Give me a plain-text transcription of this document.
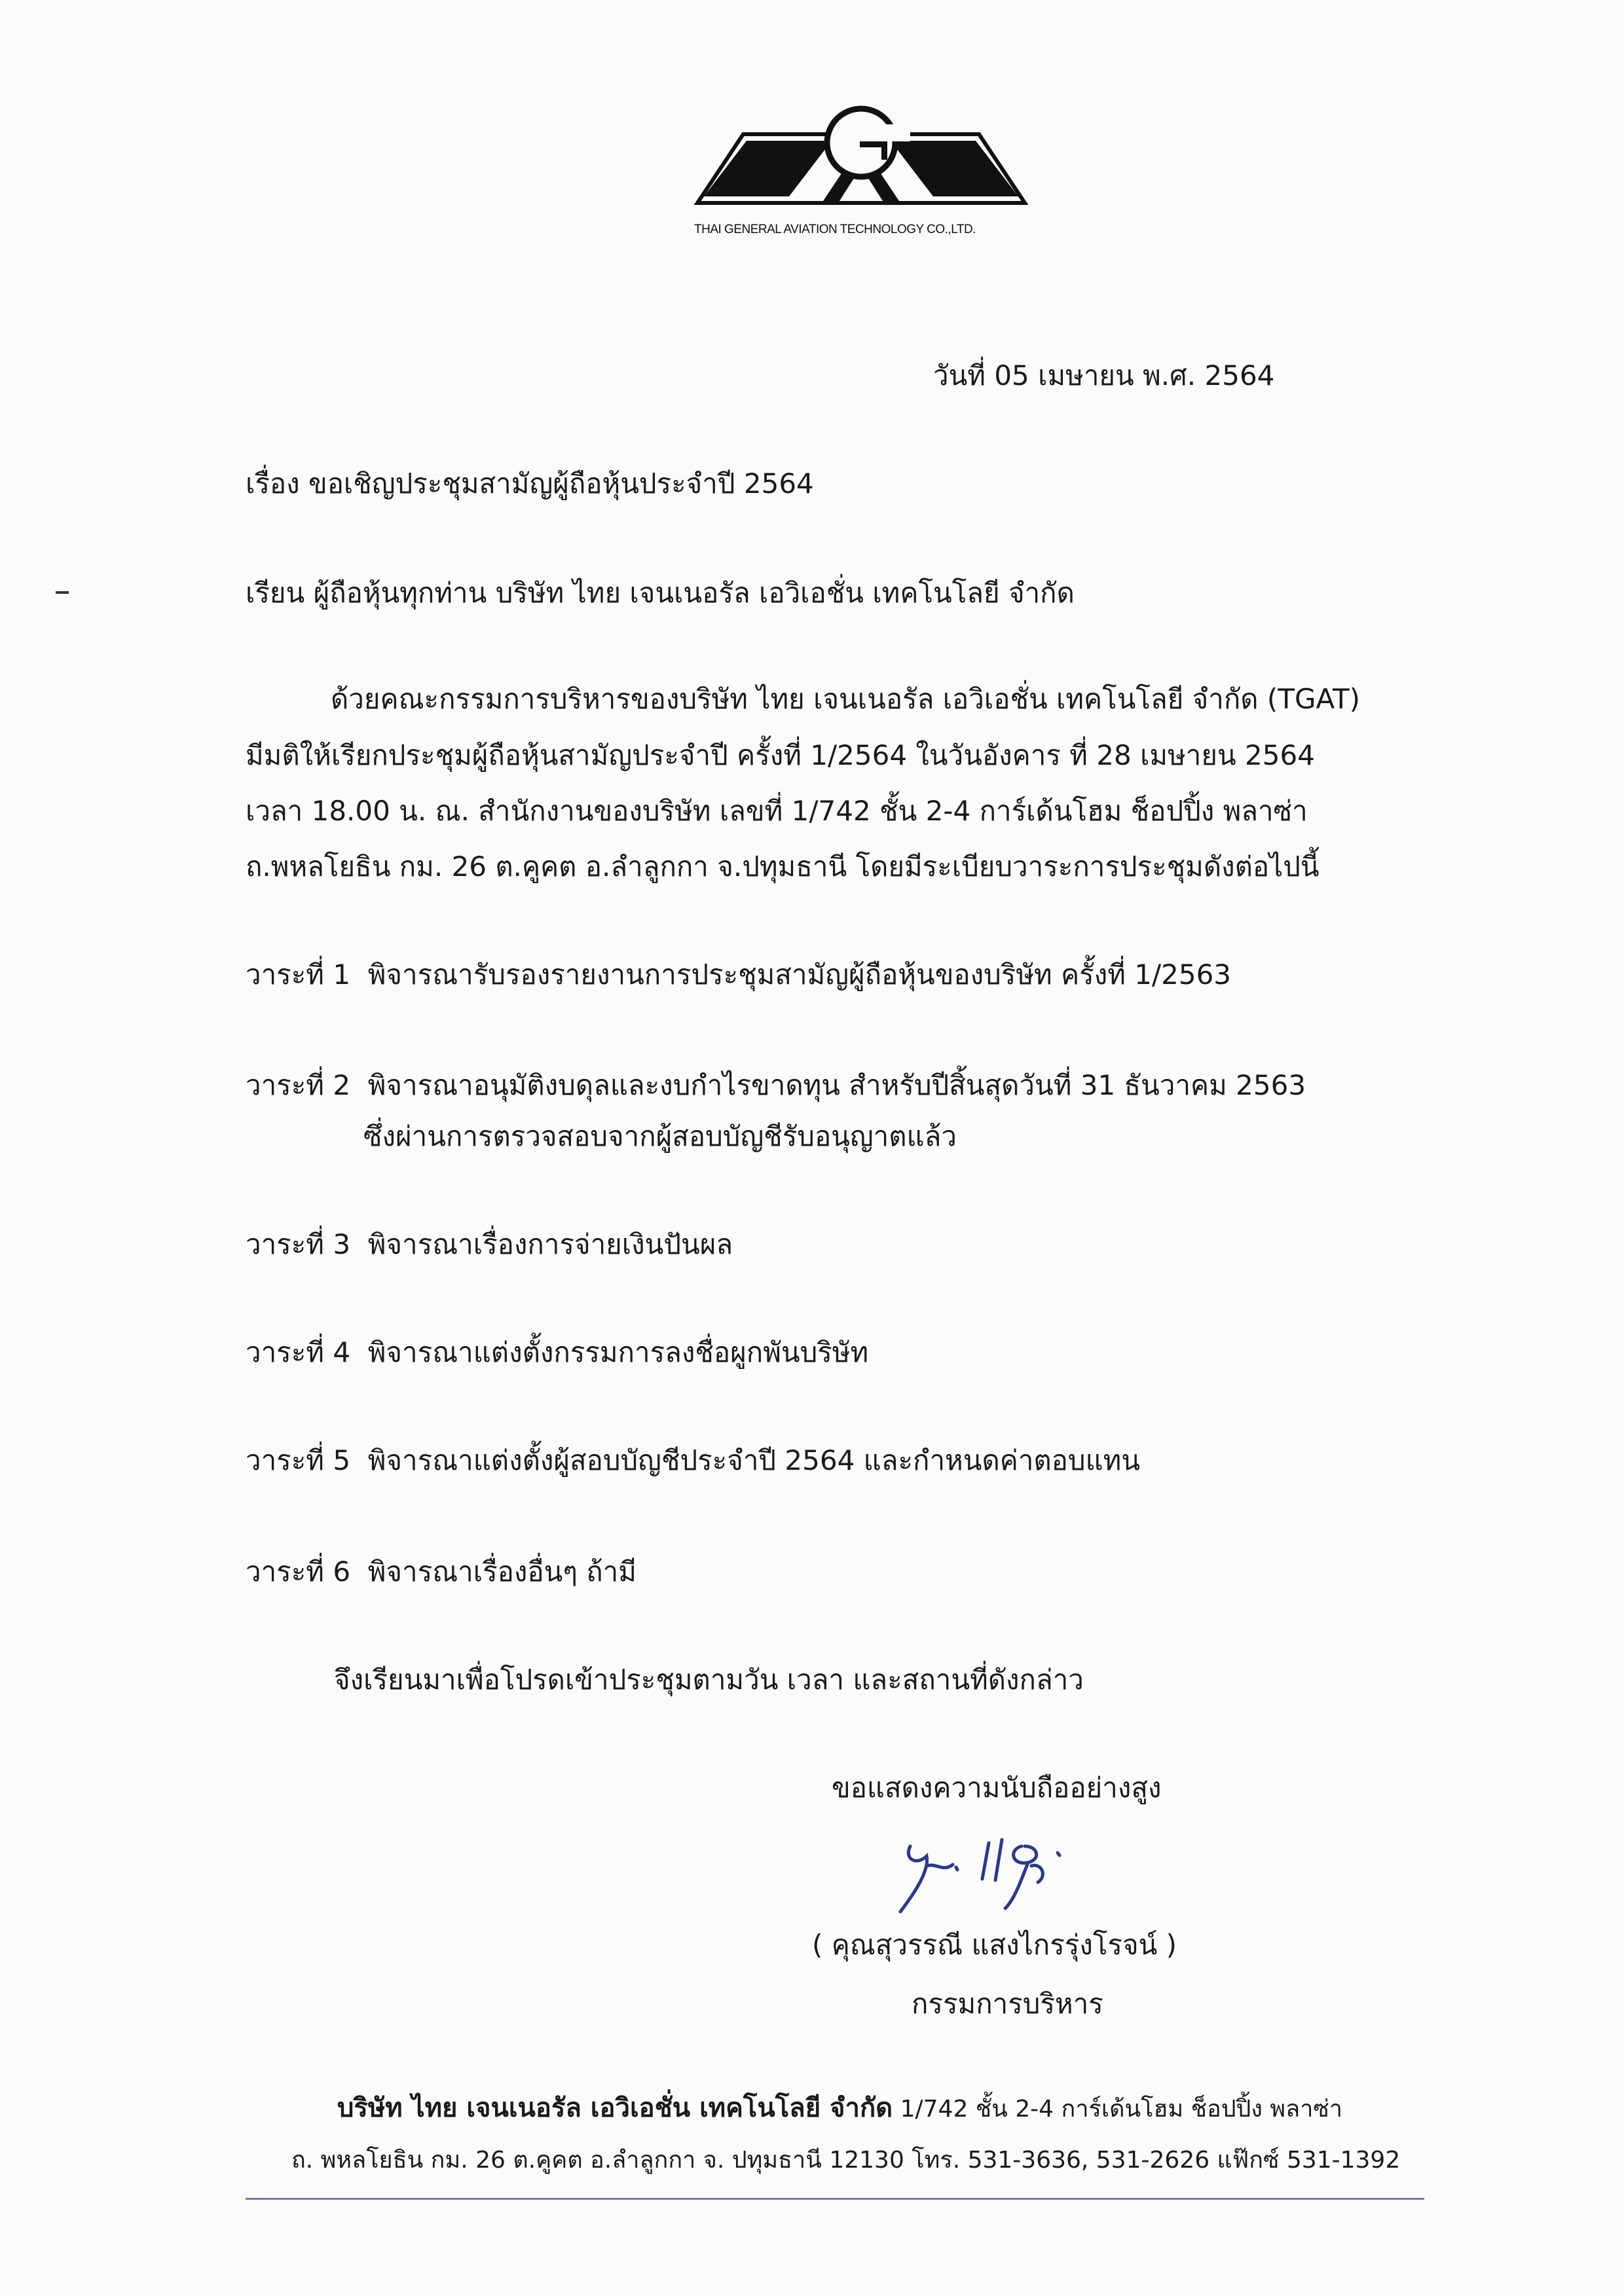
THAI GENERAL AVIATION TECHNOLOGY CO.,LTD.
วันที่ 05 เมษายน พ.ศ. 2564
เรื่อง ขอเชิญประชุมสามัญผู้ถือหุ้นประจำปี 2564
เรียน ผู้ถือหุ้นทุกท่าน บริษัท ไทย เจนเนอรัล เอวิเอชั่น เทคโนโลยี จำกัด
ด้วยคณะกรรมการบริหารของบริษัท ไทย เจนเนอรัล เอวิเอชั่น เทคโนโลยี จำกัด (TGAT)
มีมติให้เรียกประชุมผู้ถือหุ้นสามัญประจำปี ครั้งที่ 1/2564 ในวันอังคาร ที่ 28 เมษายน 2564
เวลา 18.00 น. ณ. สำนักงานของบริษัท เลขที่ 1/742 ชั้น 2-4 การ์เด้นโฮม ช็อปปิ้ง พลาซ่า
ถ.พหลโยธิน กม. 26 ต.คูคต อ.ลำลูกกา จ.ปทุมธานี โดยมีระเบียบวาระการประชุมดังต่อไปนี้
วาระที่ 1 พิจารณารับรองรายงานการประชุมสามัญผู้ถือหุ้นของบริษัท ครั้งที่ 1/2563
วาระที่ 2 พิจารณาอนุมัติงบดุลและงบกำไรขาดทุน สำหรับปีสิ้นสุดวันที่ 31 ธันวาคม 2563
ซึ่งผ่านการตรวจสอบจากผู้สอบบัญชีรับอนุญาตแล้ว
วาระที่ 3 พิจารณาเรื่องการจ่ายเงินปันผล
วาระที่ 4 พิจารณาแต่งตั้งกรรมการลงชื่อผูกพันบริษัท
วาระที่ 5 พิจารณาแต่งตั้งผู้สอบบัญชีประจำปี 2564 และกำหนดค่าตอบแทน
วาระที่ 6 พิจารณาเรื่องอื่นๆ ถ้ามี
จึงเรียนมาเพื่อโปรดเข้าประชุมตามวัน เวลา และสถานที่ดังกล่าว
ขอแสดงความนับถืออย่างสูง
( คุณสุวรรณี แสงไกรรุ่งโรจน์ )
กรรมการบริหาร
บริษัท ไทย เจนเนอรัล เอวิเอชั่น เทคโนโลยี จำกัด 1/742 ชั้น 2-4 การ์เด้นโฮม ช็อปปิ้ง พลาซ่า
ถ. พหลโยธิน กม. 26 ต.คูคต อ.ลำลูกกา จ. ปทุมธานี 12130 โทร. 531-3636, 531-2626 แฟ๊กซ์ 531-1392
